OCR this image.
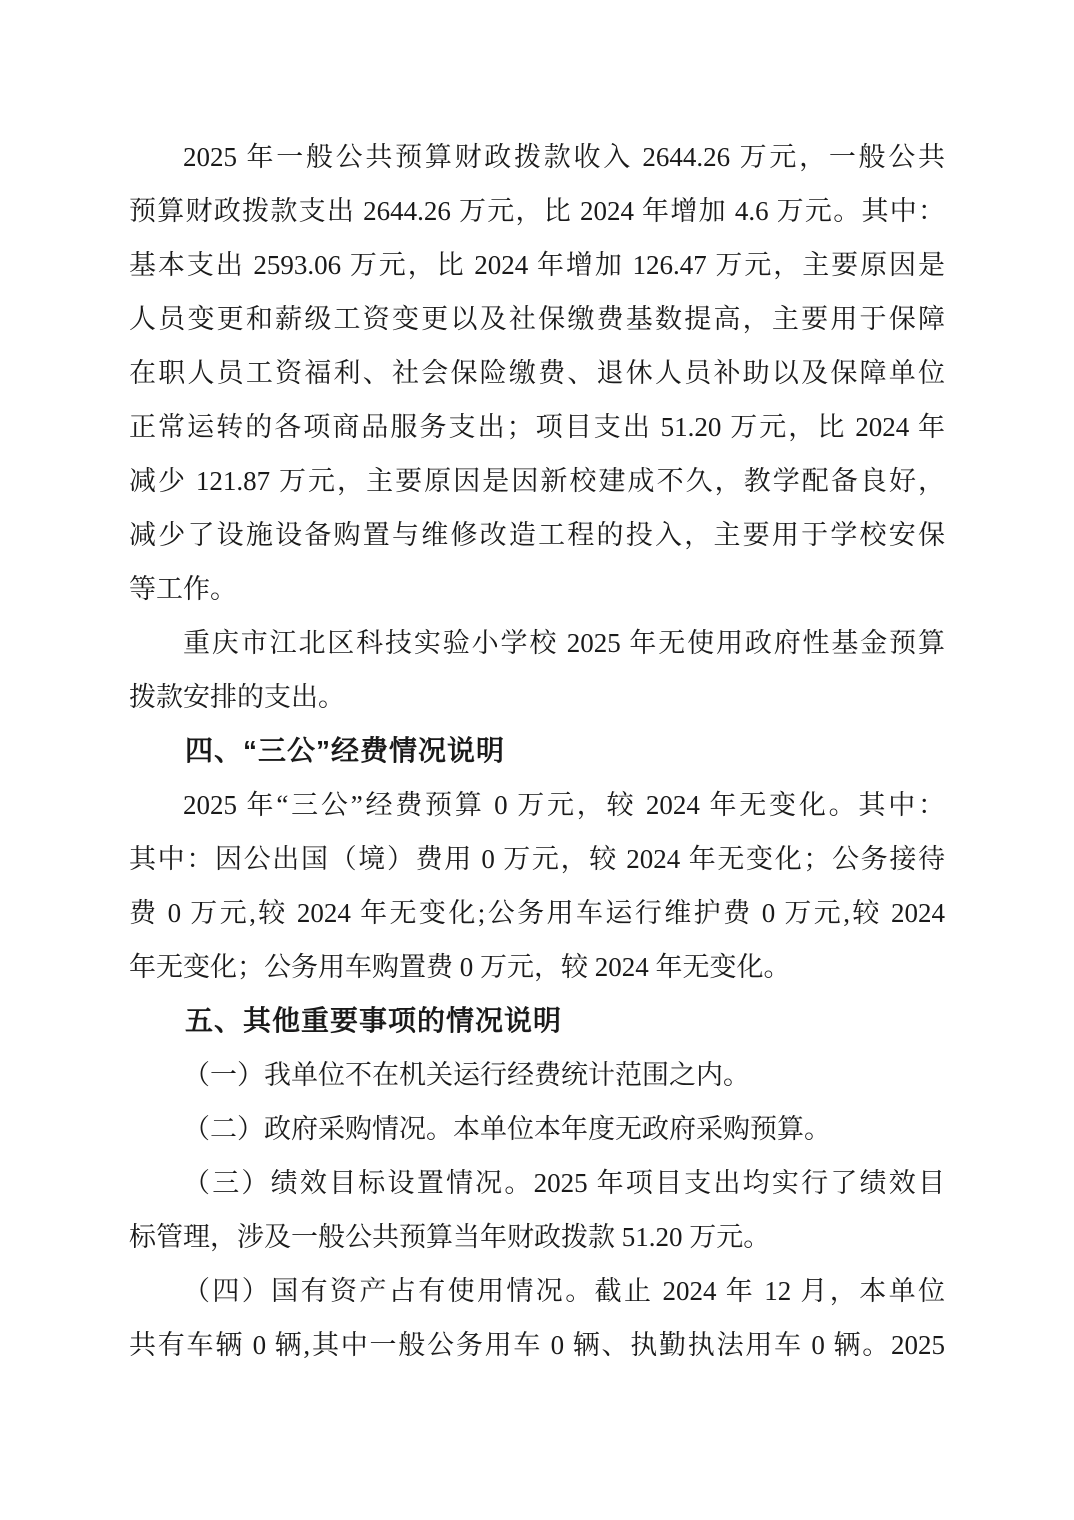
2025 年一般公共预算财政拨款收入 2644.26 万元，一般公共
预算财政拨款支出 2644.26 万元，比 2024 年增加 4.6 万元。其中：
基本支出 2593.06 万元，比 2024 年增加 126.47 万元，主要原因是
人员变更和薪级工资变更以及社保缴费基数提高，主要用于保障
在职人员工资福利、社会保险缴费、退休人员补助以及保障单位
正常运转的各项商品服务支出；项目支出 51.20 万元，比 2024 年
减少 121.87 万元，主要原因是因新校建成不久，教学配备良好，
减少了设施设备购置与维修改造工程的投入，主要用于学校安保
等工作。
重庆市江北区科技实验小学校 2025 年无使用政府性基金预算
拨款安排的支出。
四、“三公”经费情况说明
2025 年“三公”经费预算 0 万元，较 2024 年无变化。其中：
其中：因公出国（境）费用 0 万元，较 2024 年无变化；公务接待
费 0 万元,较 2024 年无变化;公务用车运行维护费 0 万元,较 2024
年无变化；公务用车购置费 0 万元，较 2024 年无变化。
五、其他重要事项的情况说明
（一）我单位不在机关运行经费统计范围之内。
（二）政府采购情况。本单位本年度无政府采购预算。
（三）绩效目标设置情况。2025 年项目支出均实行了绩效目
标管理，涉及一般公共预算当年财政拨款 51.20 万元。
（四）国有资产占有使用情况。截止 2024 年 12 月，本单位
共有车辆 0 辆,其中一般公务用车 0 辆、执勤执法用车 0 辆。2025
